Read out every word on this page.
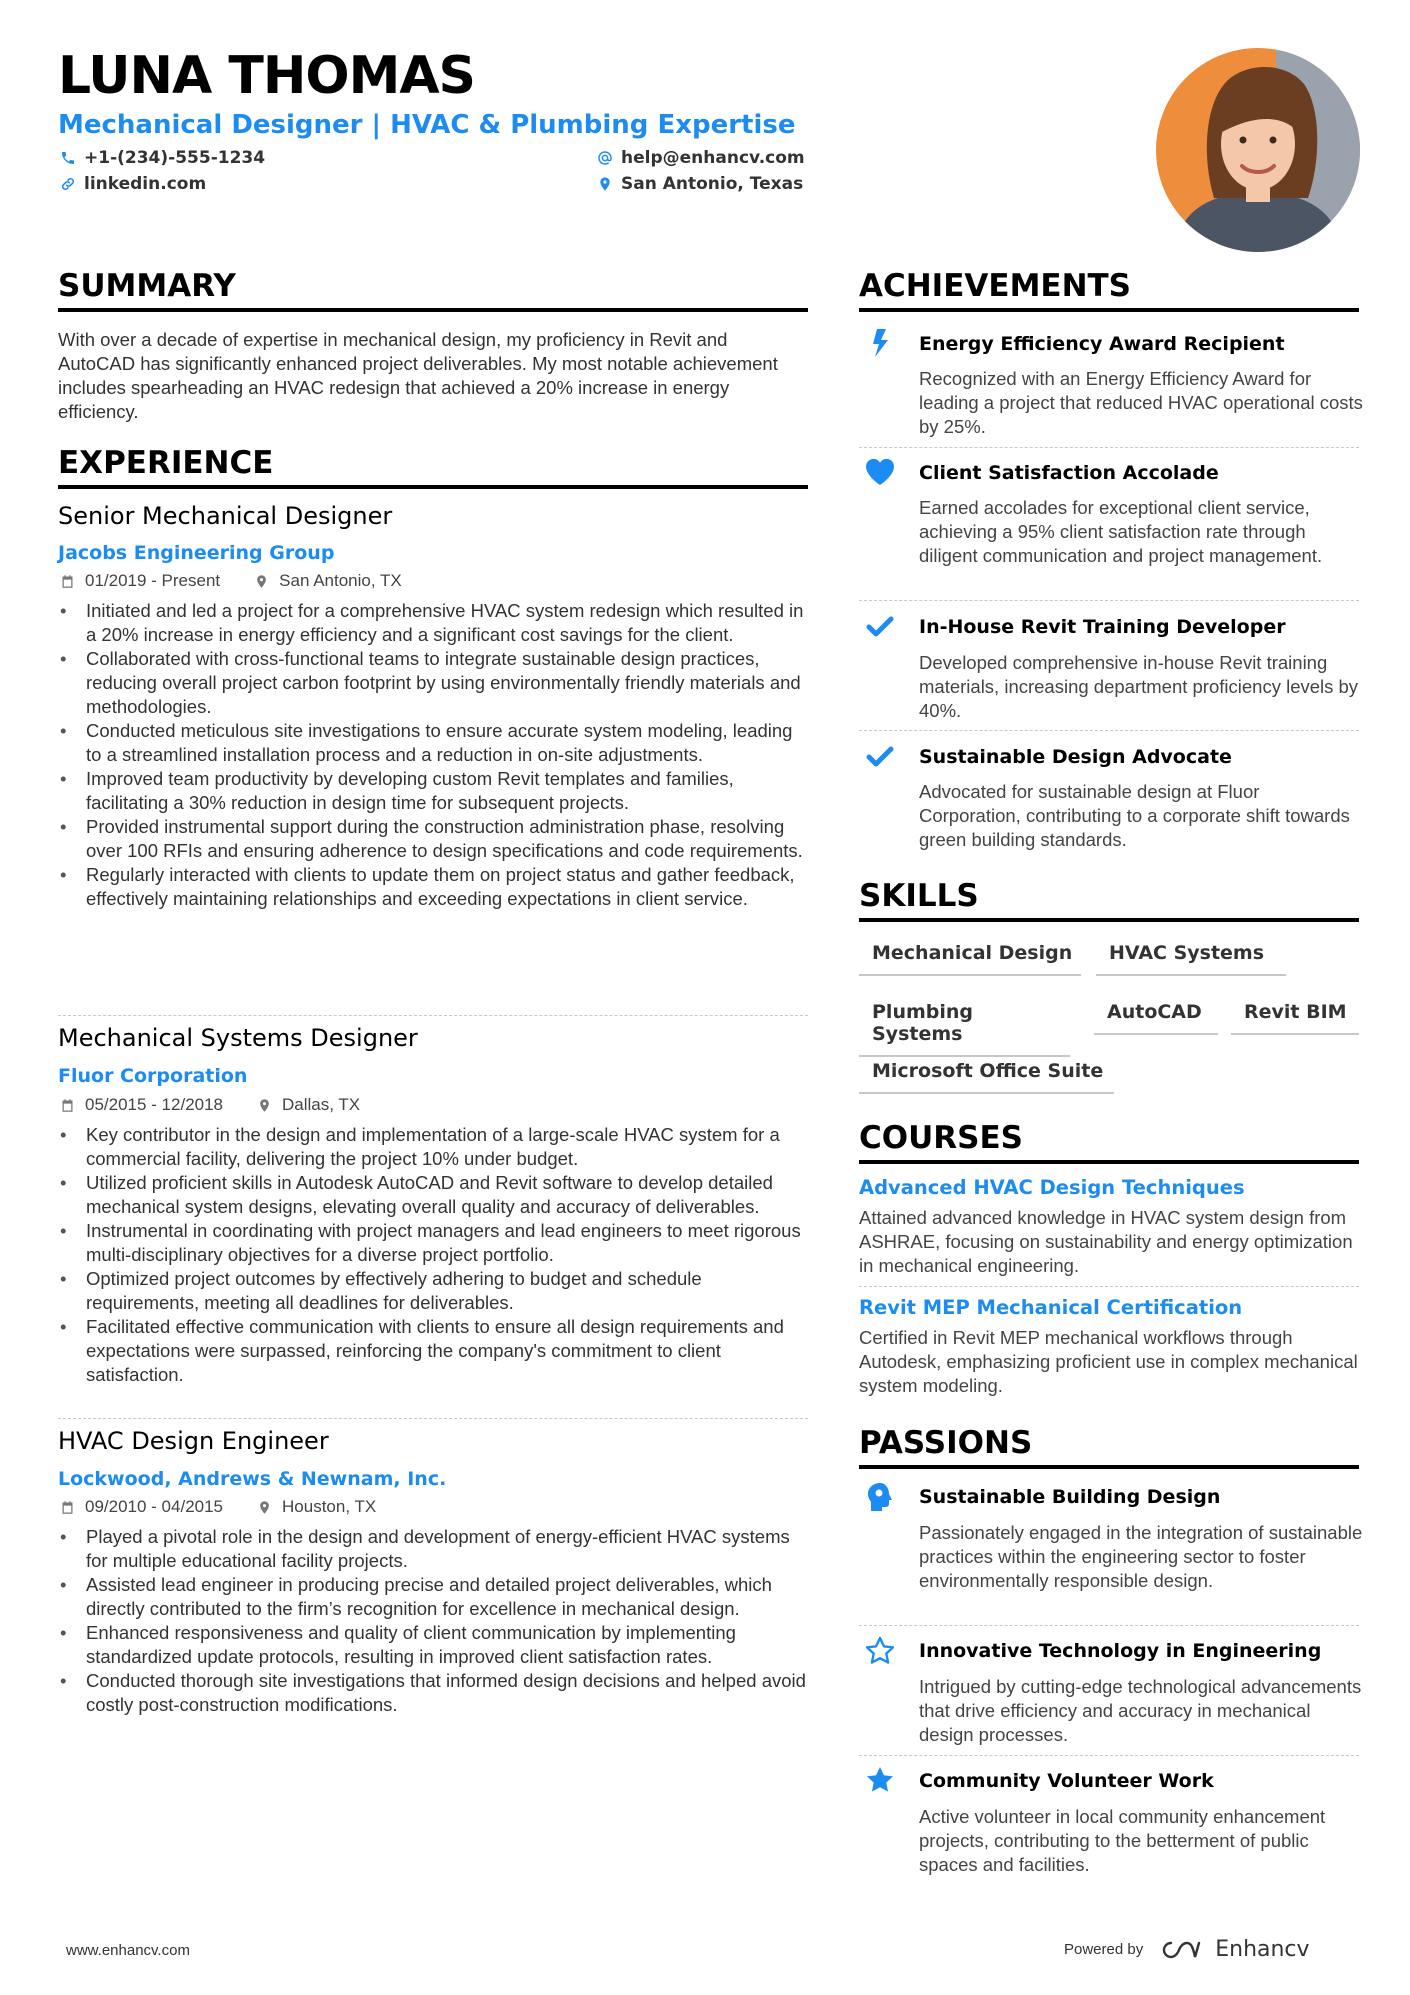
LUNA THOMAS
Mechanical Designer | HVAC & Plumbing Expertise
+1-(234)-555-1234
linkedin.com
help@enhancv.com
San Antonio, Texas
SUMMARY
With over a decade of expertise in mechanical design, my proficiency in Revit and AutoCAD has significantly enhanced project deliverables. My most notable achievement includes spearheading an HVAC redesign that achieved a 20% increase in energy efficiency.
EXPERIENCE
Senior Mechanical Designer
Jacobs Engineering Group
01/2019 - Present	San Antonio, TX
• Initiated and led a project for a comprehensive HVAC system redesign which resulted in a 20% increase in energy efficiency and a significant cost savings for the client.
• Collaborated with cross-functional teams to integrate sustainable design practices, reducing overall project carbon footprint by using environmentally friendly materials and methodologies.
• Conducted meticulous site investigations to ensure accurate system modeling, leading to a streamlined installation process and a reduction in on-site adjustments.
• Improved team productivity by developing custom Revit templates and families, facilitating a 30% reduction in design time for subsequent projects.
• Provided instrumental support during the construction administration phase, resolving over 100 RFIs and ensuring adherence to design specifications and code requirements.
• Regularly interacted with clients to update them on project status and gather feedback, effectively maintaining relationships and exceeding expectations in client service.
Mechanical Systems Designer
Fluor Corporation
05/2015 - 12/2018	Dallas, TX
• Key contributor in the design and implementation of a large-scale HVAC system for a commercial facility, delivering the project 10% under budget.
• Utilized proficient skills in Autodesk AutoCAD and Revit software to develop detailed mechanical system designs, elevating overall quality and accuracy of deliverables.
• Instrumental in coordinating with project managers and lead engineers to meet rigorous multi-disciplinary objectives for a diverse project portfolio.
• Optimized project outcomes by effectively adhering to budget and schedule requirements, meeting all deadlines for deliverables.
• Facilitated effective communication with clients to ensure all design requirements and expectations were surpassed, reinforcing the company's commitment to client satisfaction.
HVAC Design Engineer
Lockwood, Andrews & Newnam, Inc.
09/2010 - 04/2015	Houston, TX
• Played a pivotal role in the design and development of energy-efficient HVAC systems for multiple educational facility projects.
• Assisted lead engineer in producing precise and detailed project deliverables, which directly contributed to the firm’s recognition for excellence in mechanical design.
• Enhanced responsiveness and quality of client communication by implementing standardized update protocols, resulting in improved client satisfaction rates.
• Conducted thorough site investigations that informed design decisions and helped avoid costly post-construction modifications.
ACHIEVEMENTS
Energy Efficiency Award Recipient
Recognized with an Energy Efficiency Award for leading a project that reduced HVAC operational costs by 25%.
Client Satisfaction Accolade
Earned accolades for exceptional client service, achieving a 95% client satisfaction rate through diligent communication and project management.
In-House Revit Training Developer
Developed comprehensive in-house Revit training materials, increasing department proficiency levels by 40%.
Sustainable Design Advocate
Advocated for sustainable design at Fluor Corporation, contributing to a corporate shift towards green building standards.
SKILLS
Mechanical Design	HVAC Systems
Plumbing Systems
AutoCAD	Revit BIM
Microsoft Office Suite
COURSES
Advanced HVAC Design Techniques
Attained advanced knowledge in HVAC system design from ASHRAE, focusing on sustainability and energy optimization in mechanical engineering.
Revit MEP Mechanical Certification
Certified in Revit MEP mechanical workflows through Autodesk, emphasizing proficient use in complex mechanical system modeling.
PASSIONS
Sustainable Building Design
Passionately engaged in the integration of sustainable practices within the engineering sector to foster environmentally responsible design.
Innovative Technology in Engineering
Intrigued by cutting-edge technological advancements that drive efficiency and accuracy in mechanical design processes.
Community Volunteer Work
Active volunteer in local community enhancement projects, contributing to the betterment of public spaces and facilities.
www.enhancv.com	Powered by	Enhancv
